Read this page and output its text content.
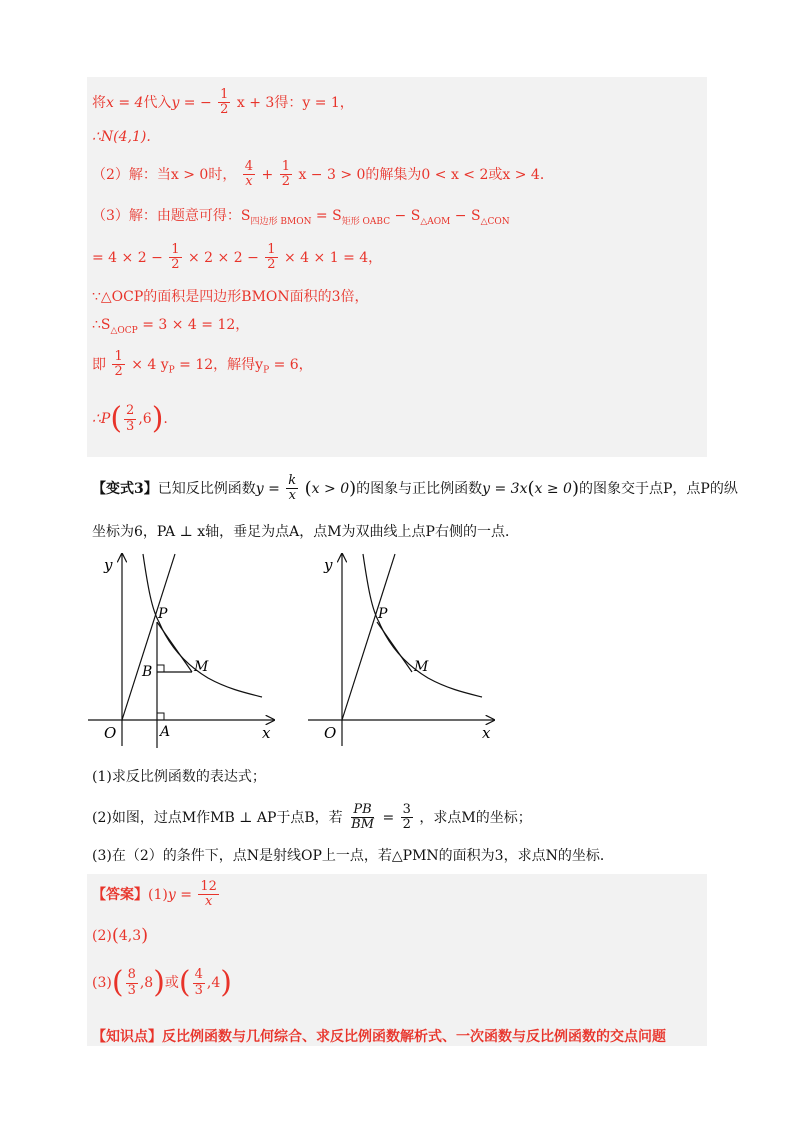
将x = 4代入y = − $\frac{1}{2}$ x + 3得：y = 1，
∴N(4,1).
（2）解：当x > 0时， $\frac{4}{x} + \frac{1}{2}$ x − 3 > 0的解集为0 < x < 2或x > 4．
（3）解：由题意可得：$S_{四边形 BMON} = S_{矩形 OABC} - S_{\triangle AOM} - S_{\triangle CON}$
= $4 \times 2 - \frac{1}{2} \times 2 \times 2 - \frac{1}{2} \times 4 \times 1 = 4$，
∵△OCP的面积是四边形BMON面积的3倍，
$\therefore S_{\triangle OCP} = 3 \times 4 = 12$，
即 $\frac{1}{2} \times 4$ $y_P = 12$，解得$y_P = 6$，
∴P( $\frac{2}{3} ,6$).
【变式3】已知反比例函数$y = \frac{k}{x} (x > 0)$的图象与正比例函数y = 3x(x ≥ 0)的图象交于点P，点P的纵
坐标为6，PA ⊥ x轴，垂足为点A，点M为双曲线上点P右侧的一点．
y
x
O
P
B	M
A
y
x
O
P
M
(1)求反比例函数的表达式；
(2)如图，过点M作MB ⊥ AP于点B，若 $\frac{PB}{BM} = \frac{3}{2}$ ，求点M的坐标；
(3)在（2）的条件下，点N是射线OP上一点，若△PMN的面积为3，求点N的坐标．
【答案】$(1)y = \frac{12}{x}$
(2)(4,3)
$(3)( \frac{8}{3} ,8)$或( $\frac{4}{3} ,4$)
【知识点】反比例函数与几何综合、求反比例函数解析式、一次函数与反比例函数的交点问题
